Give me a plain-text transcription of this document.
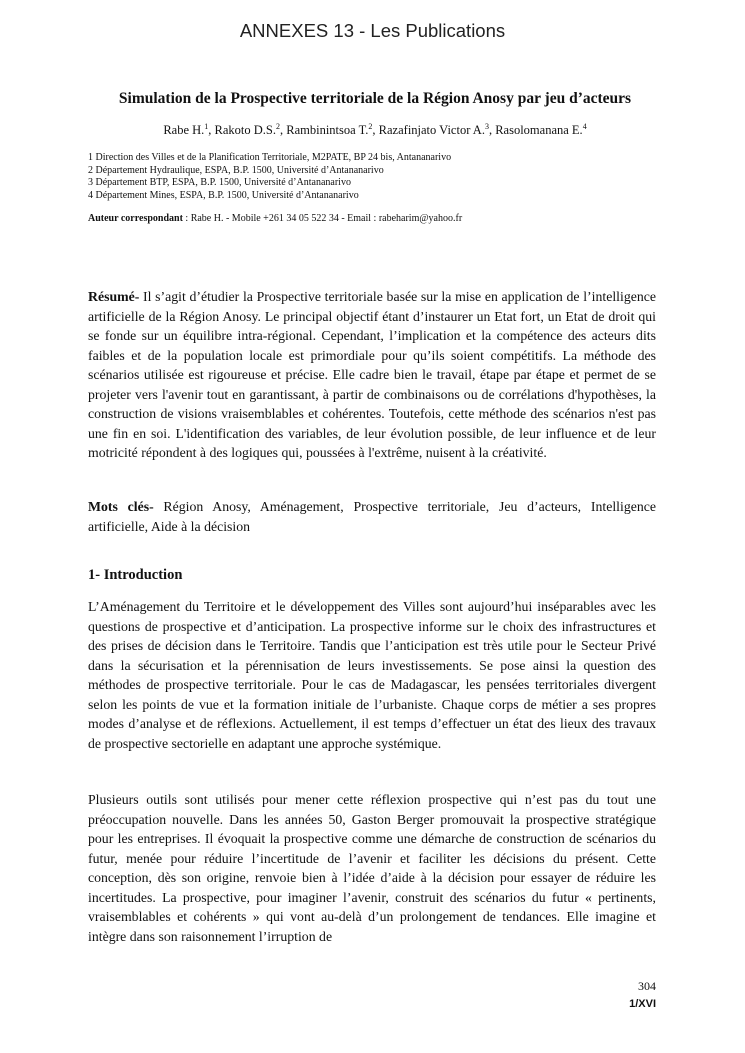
ANNEXES 13 - Les Publications
Simulation de la Prospective territoriale de la Région Anosy par jeu d’acteurs
Rabe H.$^1$, Rakoto D.S.$^2$, Rambinintsoa T.$^2$, Razafinjato Victor A.$^3$, Rasolomanana E.$^4$
1 Direction des Villes et de la Planification Territoriale, M2PATE, BP 24 bis, Antananarivo
2 Département Hydraulique, ESPA, B.P. 1500, Université d’Antananarivo
3 Département BTP, ESPA, B.P. 1500, Université d’Antananarivo
4 Département Mines, ESPA, B.P. 1500, Université d’Antananarivo
Auteur correspondant : Rabe H. - Mobile +261 34 05 522 34 - Email : rabeharim@yahoo.fr
Résumé- Il s’agit d’étudier la Prospective territoriale basée sur la mise en application de l’intelligence artificielle de la Région Anosy. Le principal objectif étant d’instaurer un Etat fort, un Etat de droit qui se fonde sur un équilibre intra-régional. Cependant, l’implication et la compétence des acteurs dits faibles et de la population locale est primordiale pour qu’ils soient compétitifs. La méthode des scénarios utilisée est rigoureuse et précise. Elle cadre bien le travail, étape par étape et permet de se projeter vers l'avenir tout en garantissant, à partir de combinaisons ou de corrélations d'hypothèses, la construction de visions vraisemblables et cohérentes. Toutefois, cette méthode des scénarios n'est pas une fin en soi. L'identification des variables, de leur évolution possible, de leur influence et de leur motricité répondent à des logiques qui, poussées à l'extrême, nuisent à la créativité.
Mots clés- Région Anosy, Aménagement, Prospective territoriale, Jeu d’acteurs, Intelligence artificielle, Aide à la décision
1- Introduction
L’Aménagement du Territoire et le développement des Villes sont aujourd’hui inséparables avec les questions de prospective et d’anticipation. La prospective informe sur le choix des infrastructures et des prises de décision dans le Territoire. Tandis que l’anticipation est très utile pour le Secteur Privé dans la sécurisation et la pérennisation de leurs investissements. Se pose ainsi la question des méthodes de prospective territoriale. Pour le cas de Madagascar, les pensées territoriales divergent selon les points de vue et la formation initiale de l’urbaniste. Chaque corps de métier a ses propres modes d’analyse et de réflexions. Actuellement, il est temps d’effectuer un état des lieux des travaux de prospective sectorielle en adaptant une approche systémique.
Plusieurs outils sont utilisés pour mener cette réflexion prospective qui n’est pas du tout une préoccupation nouvelle. Dans les années 50, Gaston Berger promouvait la prospective stratégique pour les entreprises. Il évoquait la prospective comme une démarche de construction de scénarios du futur, menée pour réduire l’incertitude de l’avenir et faciliter les décisions du présent. Cette conception, dès son origine, renvoie bien à l’idée d’aide à la décision pour essayer de réduire les incertitudes. La prospective, pour imaginer l’avenir, construit des scénarios du futur « pertinents, vraisemblables et cohérents » qui vont au-delà d’un prolongement de tendances. Elle imagine et intègre dans son raisonnement l’irruption de
304
1/XVI
